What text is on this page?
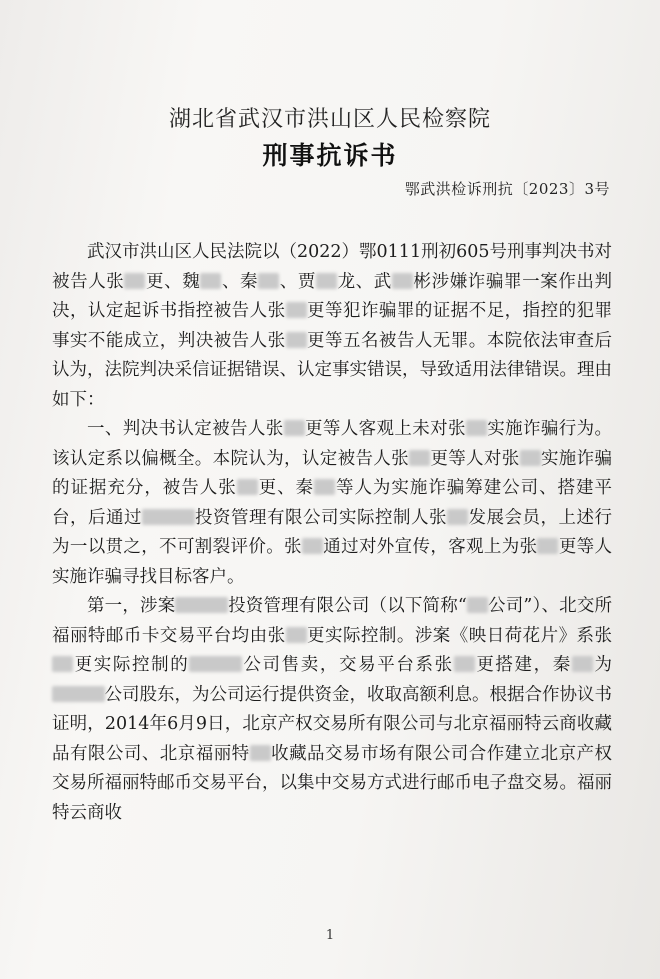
湖北省武汉市洪山区人民检察院
刑事抗诉书
鄂武洪检诉刑抗〔2023〕3号

武汉市洪山区人民法院以（2022）鄂0111刑初605号刑事判决书对被告人张 更、魏 、秦 、贾 龙、武 彬涉嫌诈骗罪一案作出判决，认定起诉书指控被告人张 更等犯诈骗罪的证据不足，指控的犯罪事实不能成立，判决被告人张 更等五名被告人无罪。本院依法审查后认为，法院判决采信证据错误、认定事实错误，导致适用法律错误。理由如下：

一、判决书认定被告人张 更等人客观上未对张 实施诈骗行为。该认定系以偏概全。本院认为，认定被告人张 更等人对张 实施诈骗的证据充分，被告人张 更、秦 等人为实施诈骗筹建公司、搭建平台，后通过	投资管理有限公司实际控制人张 发展会员，上述行为一以贯之，不可割裂评价。张 通过对外宣传，客观上为张 更等人实施诈骗寻找目标客户。

第一，涉案	投资管理有限公司（以下简称“ 公司”）、北交所福丽特邮币卡交易平台均由张 更实际控制。涉案《映日荷花片》系张更实际控制的	公司售卖，交易平台系张 更搭建，秦 为公司股东，为公司运行提供资金，收取高额利息。根据合作协议书证明，2014年6月9日，北京产权交易所有限公司与北京福丽特云商收藏品有限公司、北京福丽特 收藏品交易市场有限公司合作建立北京产权交易所福丽特邮币交易平台，以集中交易方式进行邮币电子盘交易。福丽特云商收

1
